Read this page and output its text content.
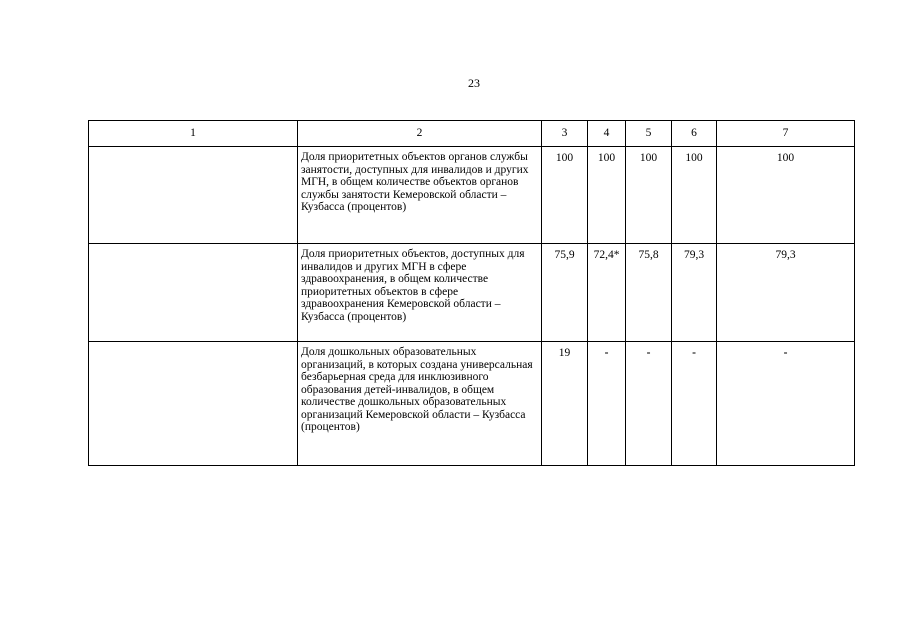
23
1	2	3	4	5	6	7
	Доля приоритетных объектов органов службы занятости, доступных для инвалидов и других МГН, в общем количестве объектов органов службы занятости Кемеровской области – Кузбасса (процентов)	100	100	100	100	100
	Доля приоритетных объектов, доступных для инвалидов и других МГН в сфере здравоохранения, в общем количестве приоритетных объектов в сфере здравоохранения Кемеровской области – Кузбасса (процентов)	75,9	72,4*	75,8	79,3	79,3
	Доля дошкольных образовательных организаций, в которых создана универсальная безбарьерная среда для инклюзивного образования детей-инвалидов, в общем количестве дошкольных образовательных организаций Кемеровской области – Кузбасса (процентов)	19	-	-	-	-
